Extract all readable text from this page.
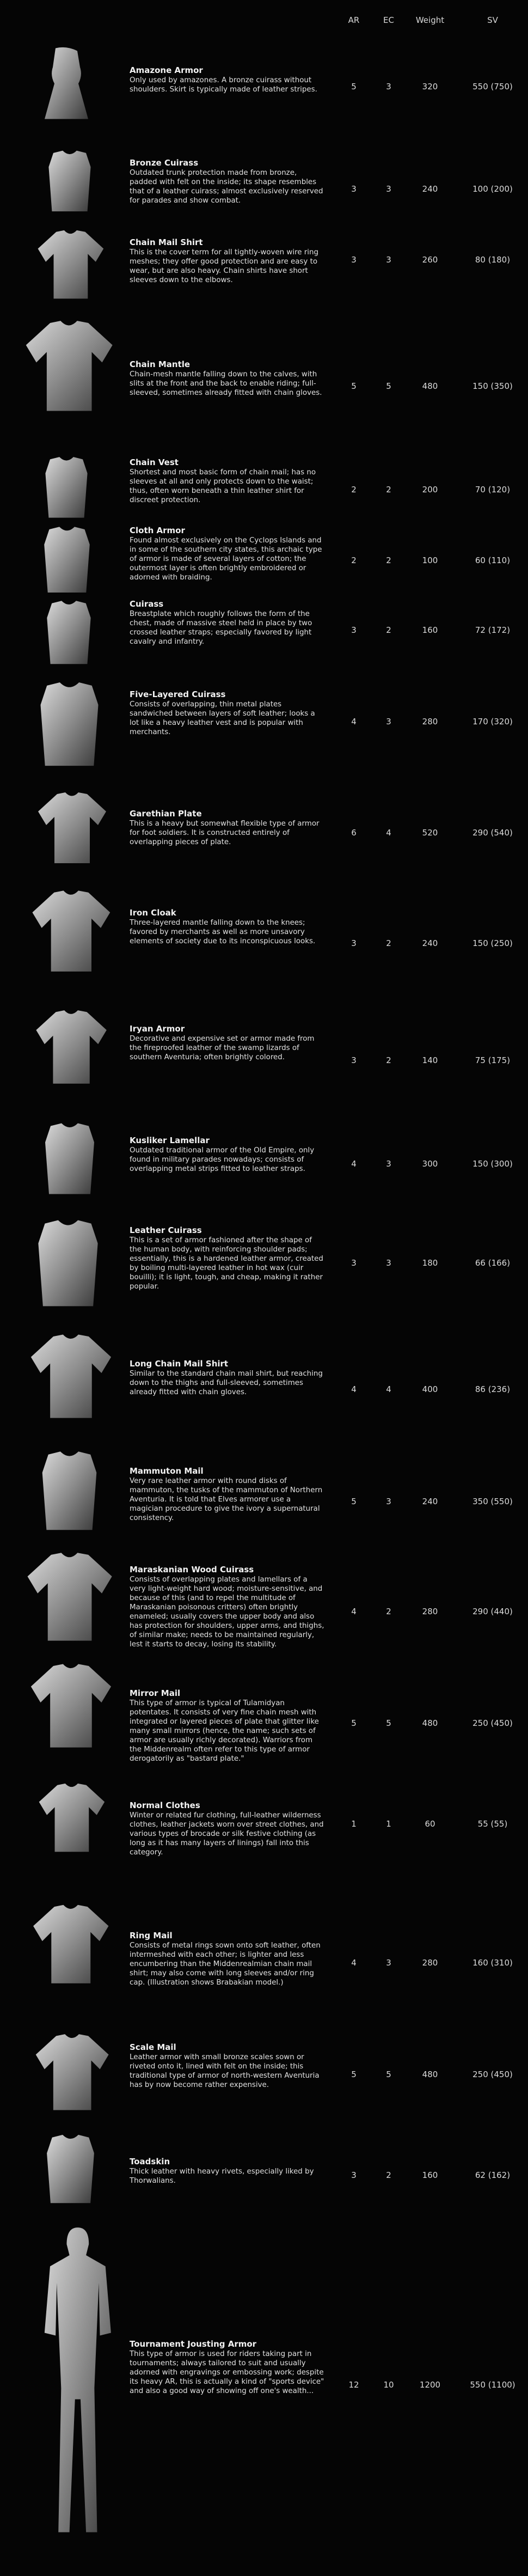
AR	EC	Weight	SV
Amazone Armor
Only used by amazones. A bronze cuirass without shoulders. Skirt is typically made of leather stripes.	5	3	320	550 (750)
Bronze Cuirass
Outdated trunk protection made from bronze, padded with felt on the inside; its shape resembles that of a leather cuirass; almost exclusively reserved for parades and show combat.
3	3	240	100 (200)
Chain Mail Shirt
This is the cover term for all tightly-woven wire ring meshes; they offer good protection and are easy to wear, but are also heavy. Chain shirts have short sleeves down to the elbows.
3	3	260	80 (180)
Chain Mantle
Chain-mesh mantle falling down to the calves, with slits at the front and the back to enable riding; full-sleeved, sometimes already fitted with chain gloves.
5	5	480	150 (350)
Chain Vest
Shortest and most basic form of chain mail; has no sleeves at all and only protects down to the waist; thus, often worn beneath a thin leather shirt for discreet protection.
2	2	200	70 (120)
Cloth Armor
Found almost exclusively on the Cyclops Islands and in some of the southern city states, this archaic type of armor is made of several layers of cotton; the outermost layer is often brightly embroidered or adorned with braiding.
2	2	100	60 (110)
Cuirass
Breastplate which roughly follows the form of the chest, made of massive steel held in place by two crossed leather straps; especially favored by light cavalry and infantry.
3	2	160	72 (172)
Five-Layered Cuirass
Consists of overlapping, thin metal plates sandwiched between layers of soft leather; looks a lot like a heavy leather vest and is popular with merchants.
4	3	280	170 (320)
Garethian Plate
This is a heavy but somewhat flexible type of armor for foot soldiers. It is constructed entirely of overlapping pieces of plate.
6	4	520	290 (540)
Iron Cloak
Three-layered mantle falling down to the knees; favored by merchants as well as more unsavory elements of society due to its inconspicuous looks.	3	2	240	150 (250)
Iryan Armor
Decorative and expensive set or armor made from the fireproofed leather of the swamp lizards of southern Aventuria; often brightly colored.	3	2	140	75 (175)
Kusliker Lamellar
Outdated traditional armor of the Old Empire, only found in military parades nowadays; consists of overlapping metal strips fitted to leather straps.
4	3	300	150 (300)
Leather Cuirass
This is a set of armor fashioned after the shape of the human body, with reinforcing shoulder pads; essentially, this is a hardened leather armor, created by boiling multi-layered leather in hot wax (cuir bouilli); it is light, tough, and cheap, making it rather popular.
3	3	180	66 (166)
Long Chain Mail Shirt
Similar to the standard chain mail shirt, but reaching down to the thighs and full-sleeved, sometimes already fitted with chain gloves.	4	4	400	86 (236)
Mammuton Mail
Very rare leather armor with round disks of mammuton, the tusks of the mammuton of Northern Aventuria. It is told that Elves armorer use a magician procedure to give the ivory a supernatural consistency.
5	3	240	350 (550)
Maraskanian Wood Cuirass
Consists of overlapping plates and lamellars of a very light-weight hard wood; moisture-sensitive, and because of this (and to repel the multitude of Maraskanian poisonous critters) often brightly enameled; usually covers the upper body and also has protection for shoulders, upper arms, and thighs, of similar make; needs to be maintained regularly, lest it starts to decay, losing its stability.
4	2	280	290 (440)
Mirror Mail
This type of armor is typical of Tulamidyan potentates. It consists of very fine chain mesh with integrated or layered pieces of plate that glitter like many small mirrors (hence, the name; such sets of armor are usually richly decorated). Warriors from the Middenrealm often refer to this type of armor derogatorily as "bastard plate."
5	5	480	250 (450)
Normal Clothes
Winter or related fur clothing, full-leather wilderness clothes, leather jackets worn over street clothes, and various types of brocade or silk festive clothing (as long as it has many layers of linings) fall into this category.
1	1	60	55 (55)
Ring Mail
Consists of metal rings sown onto soft leather, often intermeshed with each other; is lighter and less encumbering than the Middenrealmian chain mail shirt; may also come with long sleeves and/or ring cap. (Illustration shows Brabakian model.)
4	3	280	160 (310)
Scale Mail
Leather armor with small bronze scales sown or riveted onto it, lined with felt on the inside; this traditional type of armor of north-western Aventuria has by now become rather expensive.
5	5	480	250 (450)
Toadskin
Thick leather with heavy rivets, especially liked by Thorwalians.
3	2	160	62 (162)
Tournament Jousting Armor
This type of armor is used for riders taking part in tournaments; always tailored to suit and usually adorned with engravings or embossing work; despite its heavy AR, this is actually a kind of "sports device" and also a good way of showing off one's wealth...
12	10	1200	550 (1100)
